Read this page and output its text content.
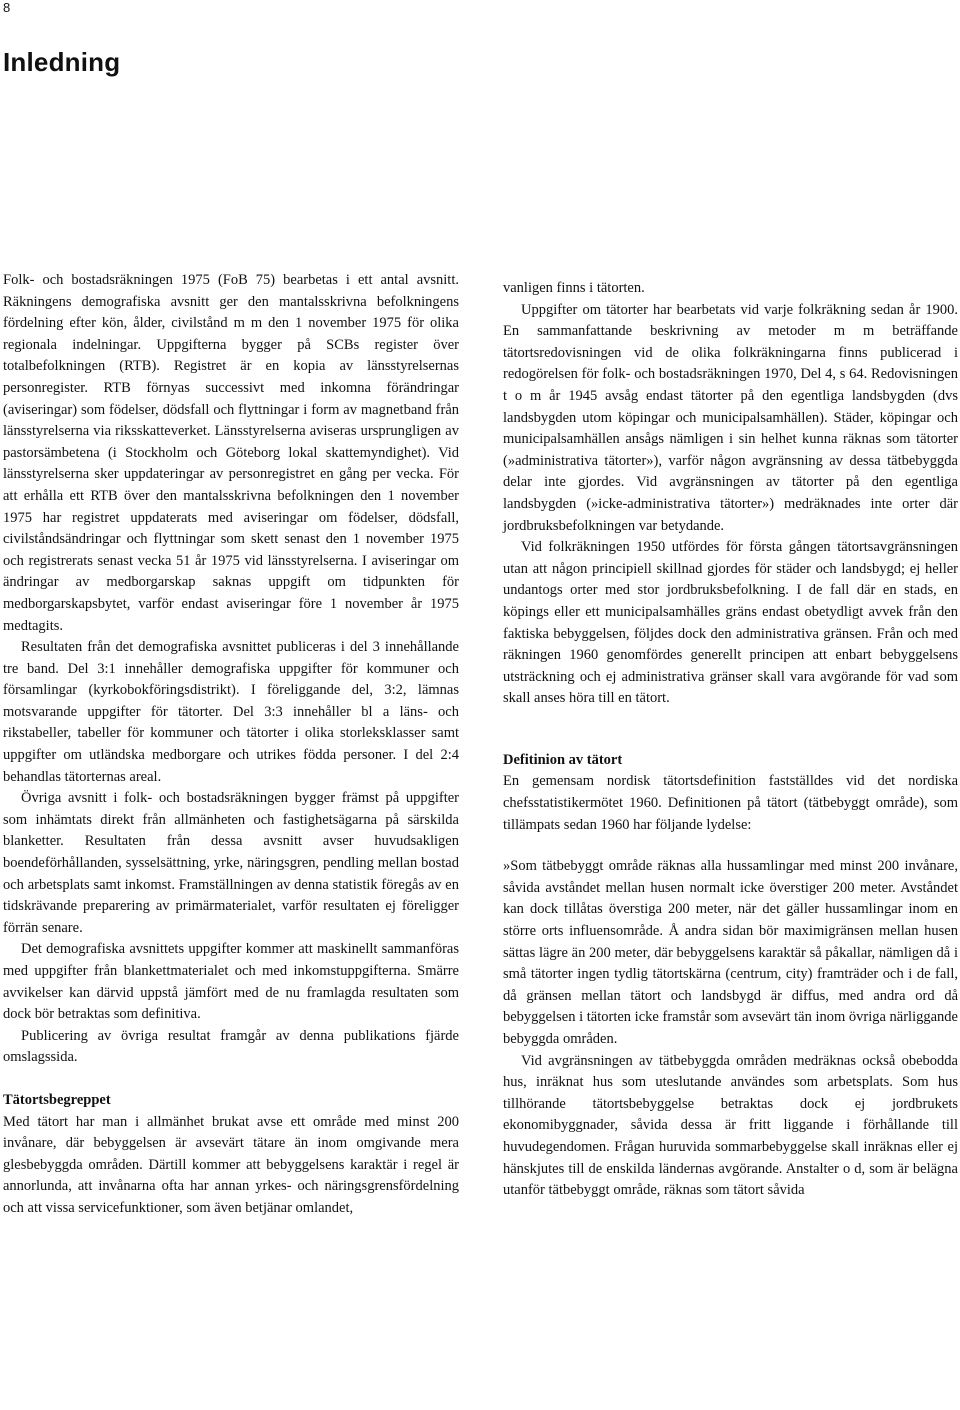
8
Inledning

Folk- och bostadsräkningen 1975 (FoB 75) bearbetas i ett antal avsnitt. Räkningens demografiska avsnitt ger den mantalsskrivna befolkningens fördelning efter kön, ålder, civilstånd m m den 1 november 1975 för olika regionala indelningar. Uppgifterna bygger på SCBs register över totalbefolkningen (RTB). Registret är en kopia av länsstyrelsernas personregister. RTB förnyas successivt med inkomna förändringar (aviseringar) som födelser, dödsfall och flyttningar i form av magnetband från länsstyrelserna via riksskatteverket. Länsstyrelserna aviseras ursprungligen av pastorsämbetena (i Stockholm och Göteborg lokal skattemyndighet). Vid länsstyrelserna sker uppdateringar av personregistret en gång per vecka. För att erhålla ett RTB över den mantalsskrivna befolkningen den 1 november 1975 har registret uppdaterats med aviseringar om födelser, dödsfall, civilståndsändringar och flyttningar som skett senast den 1 november 1975 och registrerats senast vecka 51 år 1975 vid länsstyrelserna. I aviseringar om ändringar av medborgarskap saknas uppgift om tidpunkten för medborgarskapsbytet, varför endast aviseringar före 1 november år 1975 medtagits.

Resultaten från det demografiska avsnittet publiceras i del 3 innehållande tre band. Del 3:1 innehåller demografiska uppgifter för kommuner och församlingar (kyrkobokföringsdistrikt). I föreliggande del, 3:2, lämnas motsvarande uppgifter för tätorter. Del 3:3 innehåller bl a läns- och rikstabeller, tabeller för kommuner och tätorter i olika storleksklasser samt uppgifter om utländska medborgare och utrikes födda personer. I del 2:4 behandlas tätorternas areal.

Övriga avsnitt i folk- och bostadsräkningen bygger främst på uppgifter som inhämtats direkt från allmänheten och fastighetsägarna på särskilda blanketter. Resultaten från dessa avsnitt avser huvudsakligen boendeförhållanden, sysselsättning, yrke, näringsgren, pendling mellan bostad och arbetsplats samt inkomst. Framställningen av denna statistik föregås av en tidskrävande preparering av primärmaterialet, varför resultaten ej föreligger förrän senare.

Det demografiska avsnittets uppgifter kommer att maskinellt sammanföras med uppgifter från blankettmaterialet och med inkomstuppgifterna. Smärre avvikelser kan därvid uppstå jämfört med de nu framlagda resultaten som dock bör betraktas som definitiva.

Publicering av övriga resultat framgår av denna publikations fjärde omslagssida.

Tätortsbegreppet

Med tätort har man i allmänhet brukat avse ett område med minst 200 invånare, där bebyggelsen är avsevärt tätare än inom omgivande mera glesbebyggda områden. Därtill kommer att bebyggelsens karaktär i regel är annorlunda, att invånarna ofta har annan yrkes- och näringsgrensfördelning och att vissa servicefunktioner, som även betjänar omlandet,

vanligen finns i tätorten.

Uppgifter om tätorter har bearbetats vid varje folkräkning sedan år 1900. En sammanfattande beskrivning av metoder m m beträffande tätortsredovisningen vid de olika folkräkningarna finns publicerad i redogörelsen för folk- och bostadsräkningen 1970, Del 4, s 64. Redovisningen t o m år 1945 avsåg endast tätorter på den egentliga landsbygden (dvs landsbygden utom köpingar och municipalsamhällen). Städer, köpingar och municipalsamhällen ansågs nämligen i sin helhet kunna räknas som tätorter (»administrativa tätorter»), varför någon avgränsning av dessa tätbebyggda delar inte gjordes. Vid avgränsningen av tätorter på den egentliga landsbygden (»icke-administrativa tätorter») medräknades inte orter där jordbruksbefolkningen var betydande.

Vid folkräkningen 1950 utfördes för första gången tätortsavgränsningen utan att någon principiell skillnad gjordes för städer och landsbygd; ej heller undantogs orter med stor jordbruksbefolkning. I de fall där en stads, en köpings eller ett municipalsamhälles gräns endast obetydligt avvek från den faktiska bebyggelsen, följdes dock den administrativa gränsen. Från och med räkningen 1960 genomfördes generellt principen att enbart bebyggelsens utsträckning och ej administrativa gränser skall vara avgörande för vad som skall anses höra till en tätort.

Defitinion av tätort

En gemensam nordisk tätortsdefinition fastställdes vid det nordiska chefsstatistikermötet 1960. Definitionen på tätort (tätbebyggt område), som tillämpats sedan 1960 har följande lydelse:

»Som tätbebyggt område räknas alla hussamlingar med minst 200 invånare, såvida avståndet mellan husen normalt icke överstiger 200 meter. Avståndet kan dock tillåtas överstiga 200 meter, när det gäller hussamlingar inom en större orts influensområde. Å andra sidan bör maximigränsen mellan husen sättas lägre än 200 meter, där bebyggelsens karaktär så påkallar, nämligen då i små tätorter ingen tydlig tätortskärna (centrum, city) framträder och i de fall, då gränsen mellan tätort och landsbygd är diffus, med andra ord då bebyggelsen i tätorten icke framstår som avsevärt tän inom övriga närliggande bebyggda områden.

Vid avgränsningen av tätbebyggda områden medräknas också obebodda hus, inräknat hus som uteslutande användes som arbetsplats. Som hus tillhörande tätortsbebyggelse betraktas dock ej jordbrukets ekonomibyggnader, såvida dessa är fritt liggande i förhållande till huvudegendomen. Frågan huruvida sommarbebyggelse skall inräknas eller ej hänskjutes till de enskilda ländernas avgörande. Anstalter o d, som är belägna utanför tätbebyggt område, räknas som tätort såvida
